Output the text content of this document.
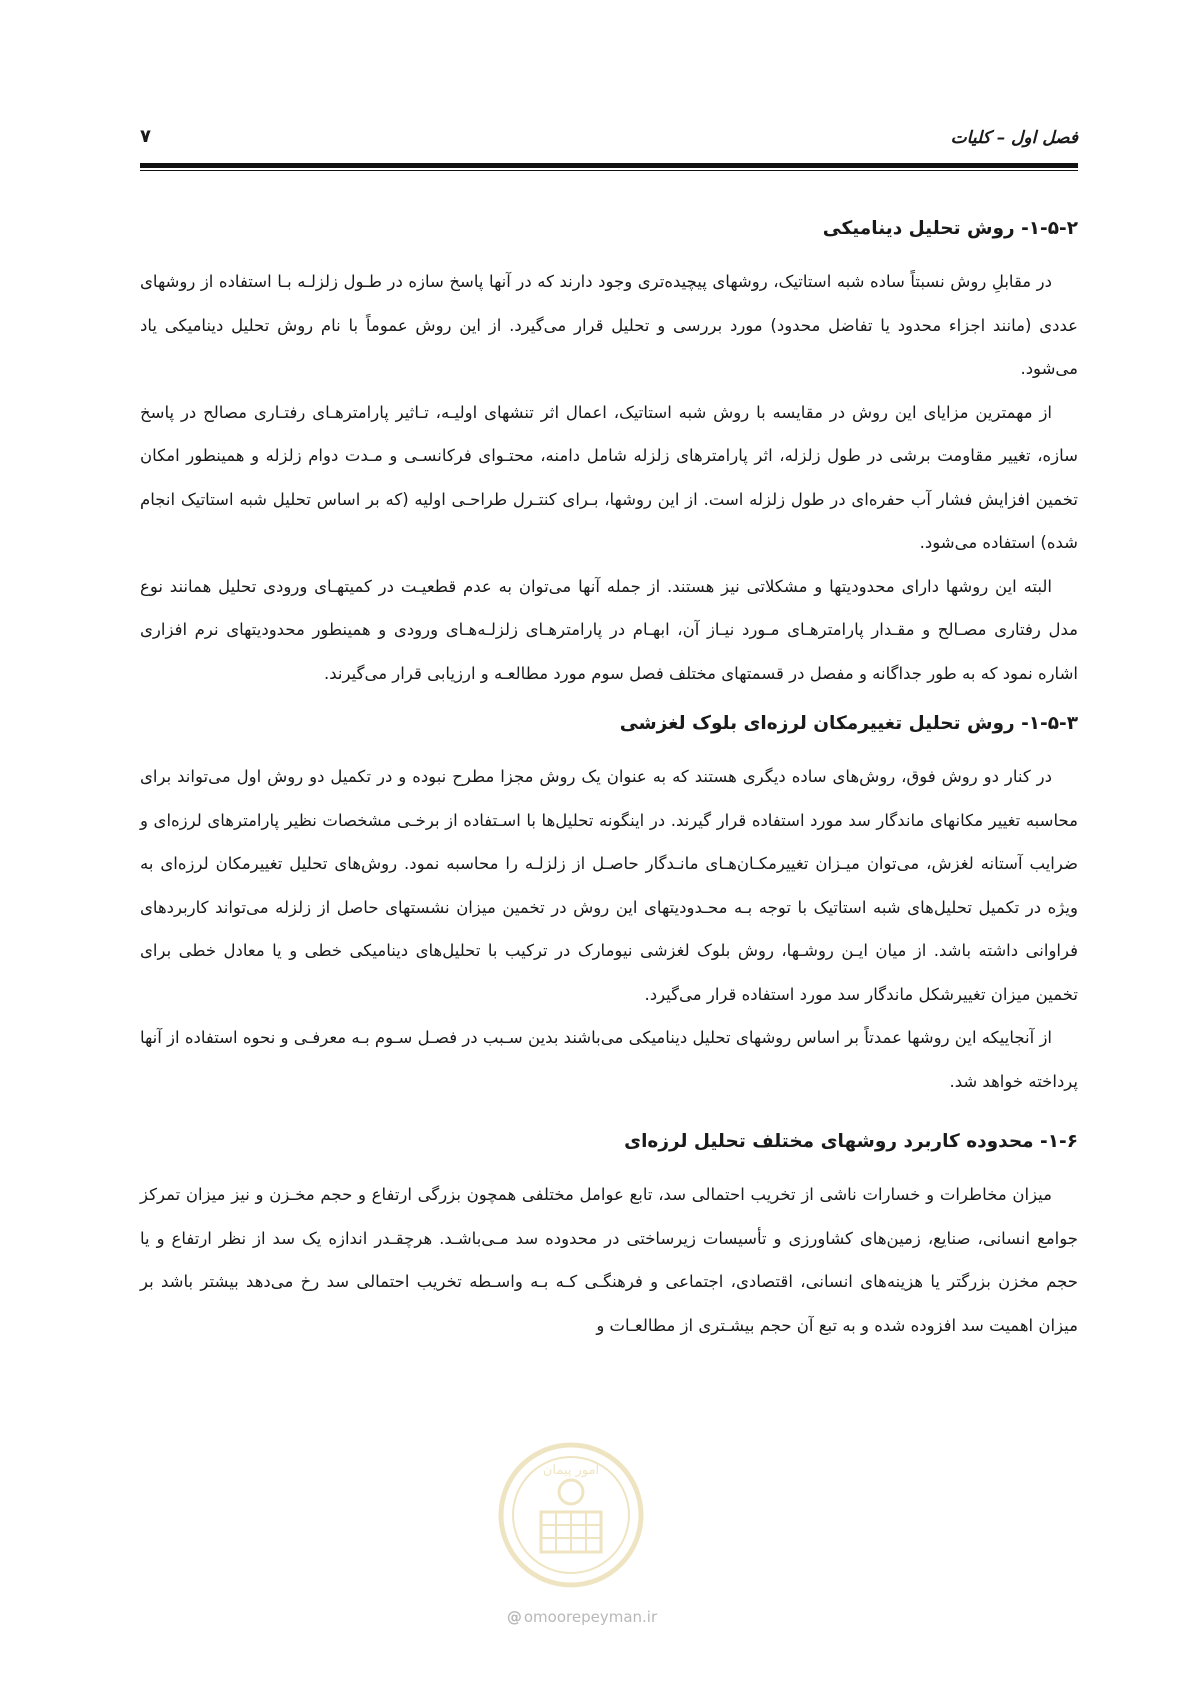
فصل اول – کلیات
۷
۱-۵-۲- روش تحلیل دینامیکی

در مقابلِ روش نسبتاً ساده شبه استاتیک، روشهای پیچیده‌تری وجود دارند که در آنها پاسخ سازه در طـول زلزلـه بـا استفاده از روشهای عددی (مانند اجزاء محدود یا تفاضل محدود) مورد بررسی و تحلیل قرار می‌گیرد. از این روش عموماً با نام روش تحلیل دینامیکی یاد می‌شود.

از مهمترین مزایای این روش در مقایسه با روش شبه استاتیک، اعمال اثر تنشهای اولیـه، تـاثیر پارامترهـای رفتـاری مصالح در پاسخ سازه، تغییر مقاومت برشی در طول زلزله، اثر پارامترهای زلزله شامل دامنه، محتـوای فرکانسـی و مـدت دوام زلزله و همینطور امکان تخمین افزایش فشار آب حفره‌ای در طول زلزله است. از این روشها، بـرای کنتـرل طراحـی اولیه (که بر اساس تحلیل شبه استاتیک انجام شده) استفاده می‌شود.

البته این روشها دارای محدودیتها و مشکلاتی نیز هستند. از جمله آنها می‌توان به عدم قطعیـت در کمیتهـای ورودی تحلیل همانند نوع مدل رفتاری مصـالح و مقـدار پارامترهـای مـورد نیـاز آن، ابهـام در پارامترهـای زلزلـه‌هـای ورودی و همینطور محدودیتهای نرم افزاری اشاره نمود که به طور جداگانه و مفصل در قسمتهای مختلف فصل سوم مورد مطالعـه و ارزیابی قرار می‌گیرند.

۱-۵-۳- روش تحلیل تغییرمکان لرزه‌ای بلوک لغزشی

در کنار دو روش فوق، روش‌های ساده دیگری هستند که به عنوان یک روش مجزا مطرح نبوده و در تکمیل دو روش اول می‌تواند برای محاسبه تغییر مکانهای ماندگار سد مورد استفاده قرار گیرند. در اینگونه تحلیل‌ها با اسـتفاده از برخـی مشخصات نظیر پارامترهای لرزه‌ای و ضرایب آستانه لغزش، می‌توان میـزان تغییرمکـان‌هـای مانـدگار حاصـل از زلزلـه را محاسبه نمود. روش‌های تحلیل تغییرمکان لرزه‌ای به ویژه در تکمیل تحلیل‌های شبه استاتیک با توجه بـه محـدودیتهای این روش در تخمین میزان نشستهای حاصل از زلزله می‌تواند کاربردهای فراوانی داشته باشد. از میان ایـن روشـها، روش بلوک لغزشی نیومارک در ترکیب با تحلیل‌های دینامیکی خطی و یا معادل خطی برای تخمین میزان تغییرشکل ماندگار سد مورد استفاده قرار می‌گیرد.

از آنجاییکه این روشها عمدتاً بر اساس روشهای تحلیل دینامیکی می‌باشند بدین سـبب در فصـل سـوم بـه معرفـی و نحوه استفاده از آنها پرداخته خواهد شد.

۱-۶- محدوده کاربرد روشهای مختلف تحلیل لرزه‌ای

میزان مخاطرات و خسارات ناشی از تخریب احتمالی سد، تابع عوامل مختلفی همچون بزرگی ارتفاع و حجم مخـزن و نیز میزان تمرکز جوامع انسانی، صنایع، زمین‌های کشاورزی و تأسیسات زیرساختی در محدوده سد مـی‌باشـد. هرچقـدر اندازه یک سد از نظر ارتفاع و یا حجم مخزن بزرگتر یا هزینه‌های انسانی، اقتصادی، اجتماعی و فرهنگـی کـه بـه واسـطه تخریب احتمالی سد رخ می‌دهد بیشتر باشد بر میزان اهمیت سد افزوده شده و به تبع آن حجم بیشـتری از مطالعـات و

امور پیمان
@ omoorepeyman.ir
